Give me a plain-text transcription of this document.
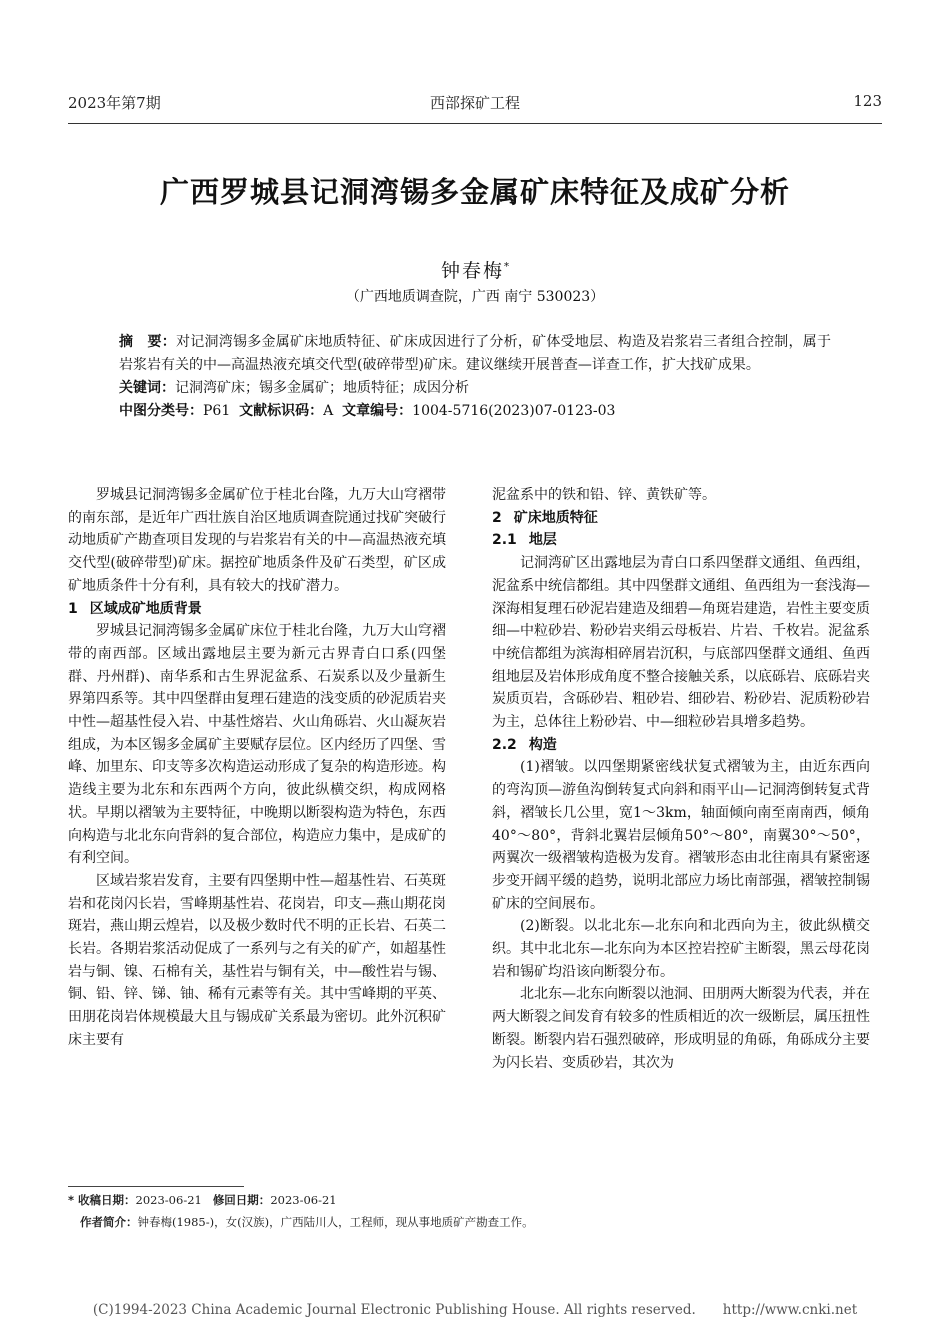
2023年第7期	西部探矿工程	123
广西罗城县记洞湾锡多金属矿床特征及成矿分析
钟春梅*
（广西地质调查院，广西 南宁 530023）

摘　要：对记洞湾锡多金属矿床地质特征、矿床成因进行了分析，矿体受地层、构造及岩浆岩三者组合控制，属于岩浆岩有关的中—高温热液充填交代型(破碎带型)矿床。建议继续开展普查—详查工作，扩大找矿成果。

关键词：记洞湾矿床；锡多金属矿；地质特征；成因分析

中图分类号：P61 文献标识码：A 文章编号：1004-5716(2023)07-0123-03

罗城县记洞湾锡多金属矿位于桂北台隆，九万大山穹褶带的南东部，是近年广西壮族自治区地质调查院通过找矿突破行动地质矿产勘查项目发现的与岩浆岩有关的中—高温热液充填交代型(破碎带型)矿床。据控矿地质条件及矿石类型，矿区成矿地质条件十分有利，具有较大的找矿潜力。

1 区域成矿地质背景

罗城县记洞湾锡多金属矿床位于桂北台隆，九万大山穹褶带的南西部。区域出露地层主要为新元古界青白口系(四堡群、丹州群)、南华系和古生界泥盆系、石炭系以及少量新生界第四系等。其中四堡群由复理石建造的浅变质的砂泥质岩夹中性—超基性侵入岩、中基性熔岩、火山角砾岩、火山凝灰岩组成，为本区锡多金属矿主要赋存层位。区内经历了四堡、雪峰、加里东、印支等多次构造运动形成了复杂的构造形迹。构造线主要为北东和东西两个方向，彼此纵横交织，构成网格状。早期以褶皱为主要特征，中晚期以断裂构造为特色，东西向构造与北北东向背斜的复合部位，构造应力集中，是成矿的有利空间。

区域岩浆岩发育，主要有四堡期中性—超基性岩、石英斑岩和花岗闪长岩，雪峰期基性岩、花岗岩，印支—燕山期花岗斑岩，燕山期云煌岩，以及极少数时代不明的正长岩、石英二长岩。各期岩浆活动促成了一系列与之有关的矿产，如超基性岩与铜、镍、石棉有关，基性岩与铜有关，中—酸性岩与锡、铜、铅、锌、锑、铀、稀有元素等有关。其中雪峰期的平英、田朋花岗岩体规模最大且与锡成矿关系最为密切。此外沉积矿床主要有

泥盆系中的铁和铅、锌、黄铁矿等。

2 矿床地质特征
2.1 地层

记洞湾矿区出露地层为青白口系四堡群文通组、鱼西组，泥盆系中统信都组。其中四堡群文通组、鱼西组为一套浅海—深海相复理石砂泥岩建造及细碧—角斑岩建造，岩性主要变质细—中粒砂岩、粉砂岩夹绢云母板岩、片岩、千枚岩。泥盆系中统信都组为滨海相碎屑岩沉积，与底部四堡群文通组、鱼西组地层及岩体形成角度不整合接触关系，以底砾岩、底砾岩夹炭质页岩，含砾砂岩、粗砂岩、细砂岩、粉砂岩、泥质粉砂岩为主，总体往上粉砂岩、中—细粒砂岩具增多趋势。

2.2 构造

(1)褶皱。以四堡期紧密线状复式褶皱为主，由近东西向的弯沟顶—游鱼沟倒转复式向斜和雨平山—记洞湾倒转复式背斜，褶皱长几公里，宽1～3km，轴面倾向南至南南西，倾角40°～80°，背斜北翼岩层倾角50°～80°，南翼30°～50°，两翼次一级褶皱构造极为发育。褶皱形态由北往南具有紧密逐步变开阔平缓的趋势，说明北部应力场比南部强，褶皱控制锡矿床的空间展布。

(2)断裂。以北北东—北东向和北西向为主，彼此纵横交织。其中北北东—北东向为本区控岩控矿主断裂，黑云母花岗岩和锡矿均沿该向断裂分布。

北北东—北东向断裂以池洞、田朋两大断裂为代表，并在两大断裂之间发育有较多的性质相近的次一级断层，属压扭性断裂。断裂内岩石强烈破碎，形成明显的角砾，角砾成分主要为闪长岩、变质砂岩，其次为

* 收稿日期：2023-06-21 修回日期：2023-06-21
作者简介：钟春梅(1985-)，女(汉族)，广西陆川人，工程师，现从事地质矿产勘查工作。
(C)1994-2023 China Academic Journal Electronic Publishing House. All rights reserved.　　http://www.cnki.net
